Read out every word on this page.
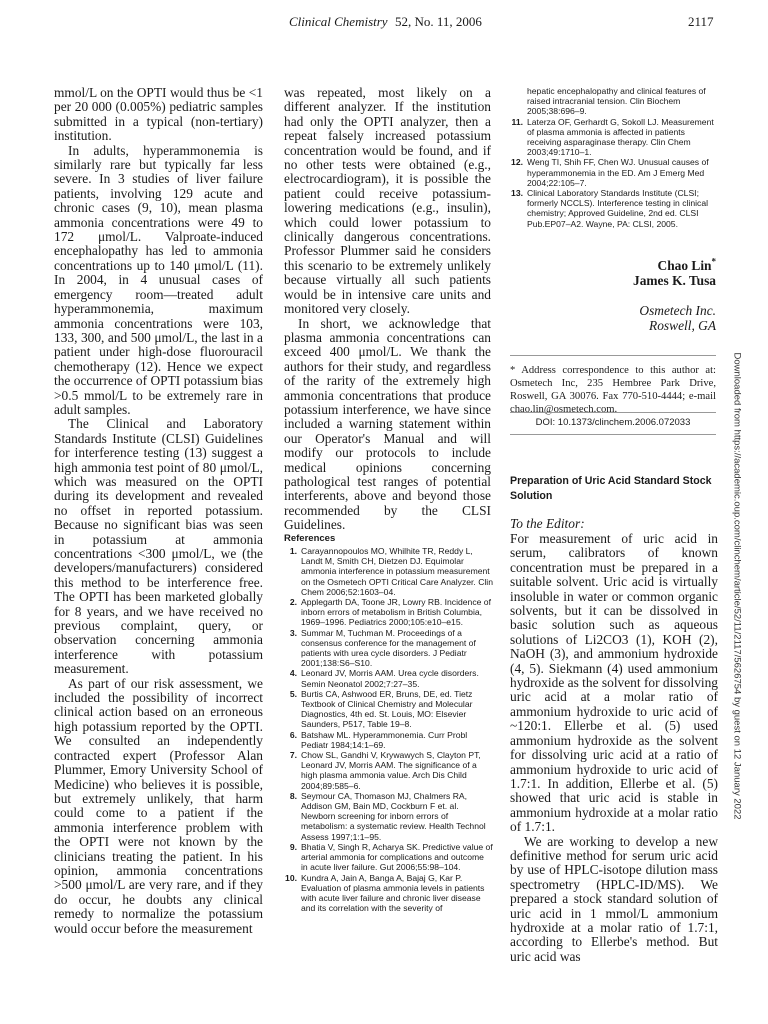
Clinical Chemistry 52, No. 11, 2006	2117

mmol/L on the OPTI would thus be <1 per 20 000 (0.005%) pediatric samples submitted in a typical (non-tertiary) institution.

In adults, hyperammonemia is similarly rare but typically far less severe. In 3 studies of liver failure patients, involving 129 acute and chronic cases (9, 10), mean plasma ammonia concentrations were 49 to 172 μmol/L. Valproate-induced encephalopathy has led to ammonia concentrations up to 140 μmol/L (11). In 2004, in 4 unusual cases of emergency room—treated adult hyperammonemia, maximum ammonia concentrations were 103, 133, 300, and 500 μmol/L, the last in a patient under high-dose fluorouracil chemotherapy (12). Hence we expect the occurrence of OPTI potassium bias >0.5 mmol/L to be extremely rare in adult samples.

The Clinical and Laboratory Standards Institute (CLSI) Guidelines for interference testing (13) suggest a high ammonia test point of 80 μmol/L, which was measured on the OPTI during its development and revealed no offset in reported potassium. Because no significant bias was seen in potassium at ammonia concentrations <300 μmol/L, we (the developers/manufacturers) considered this method to be interference free. The OPTI has been marketed globally for 8 years, and we have received no previous complaint, query, or observation concerning ammonia interference with potassium measurement.

As part of our risk assessment, we included the possibility of incorrect clinical action based on an erroneous high potassium reported by the OPTI. We consulted an independently contracted expert (Professor Alan Plummer, Emory University School of Medicine) who believes it is possible, but extremely unlikely, that harm could come to a patient if the ammonia interference problem with the OPTI were not known by the clinicians treating the patient. In his opinion, ammonia concentrations >500 μmol/L are very rare, and if they do occur, he doubts any clinical remedy to normalize the potassium would occur before the measurement

was repeated, most likely on a different analyzer. If the institution had only the OPTI analyzer, then a repeat falsely increased potassium concentration would be found, and if no other tests were obtained (e.g., electrocardiogram), it is possible the patient could receive potassium-lowering medications (e.g., insulin), which could lower potassium to clinically dangerous concentrations. Professor Plummer said he considers this scenario to be extremely unlikely because virtually all such patients would be in intensive care units and monitored very closely.

In short, we acknowledge that plasma ammonia concentrations can exceed 400 μmol/L. We thank the authors for their study, and regardless of the rarity of the extremely high ammonia concentrations that produce potassium interference, we have since included a warning statement within our Operator's Manual and will modify our protocols to include medical opinions concerning pathological test ranges of potential interferents, above and beyond those recommended by the CLSI Guidelines.

References
1. Carayannopoulos MO, Whilhite TR, Reddy L, Landt M, Smith CH, Dietzen DJ. Equimolar ammonia interference in potassium measurement on the Osmetech OPTI Critical Care Analyzer. Clin Chem 2006;52:1603–04.
2. Applegarth DA, Toone JR, Lowry RB. Incidence of inborn errors of metabolism in British Columbia, 1969–1996. Pediatrics 2000;105:e10–e15.
3. Summar M, Tuchman M. Proceedings of a consensus conference for the management of patients with urea cycle disorders. J Pediatr 2001;138:S6–S10.
4. Leonard JV, Morris AAM. Urea cycle disorders. Semin Neonatol 2002;7:27–35.
5. Burtis CA, Ashwood ER, Bruns, DE, ed. Tietz Textbook of Clinical Chemistry and Molecular Diagnostics, 4th ed. St. Louis, MO: Elsevier Saunders, P517, Table 19–8.
6. Batshaw ML. Hyperammonemia. Curr Probl Pediatr 1984;14:1–69.
7. Chow SL, Gandhi V, Krywawych S, Clayton PT, Leonard JV, Morris AAM. The significance of a high plasma ammonia value. Arch Dis Child 2004;89:585–6.
8. Seymour CA, Thomason MJ, Chalmers RA, Addison GM, Bain MD, Cockburn F et. al. Newborn screening for inborn errors of metabolism: a systematic review. Health Technol Assess 1997;1:1–95.
9. Bhatia V, Singh R, Acharya SK. Predictive value of arterial ammonia for complications and outcome in acute liver failure. Gut 2006;55:98–104.
10. Kundra A, Jain A, Banga A, Bajaj G, Kar P. Evaluation of plasma ammonia levels in patients with acute liver failure and chronic liver disease and its correlation with the severity of
hepatic encephalopathy and clinical features of raised intracranial tension. Clin Biochem 2005;38:696–9.
11. Laterza OF, Gerhardt G, Sokoll LJ. Measurement of plasma ammonia is affected in patients receiving asparaginase therapy. Clin Chem 2003;49:1710–1.
12. Weng TI, Shih FF, Chen WJ. Unusual causes of hyperammonemia in the ED. Am J Emerg Med 2004;22:105–7.
13. Clinical Laboratory Standards Institute (CLSI; formerly NCCLS). Interference testing in clinical chemistry; Approved Guideline, 2nd ed. CLSI Pub.EP07–A2. Wayne, PA: CLSI, 2005.
Chao Lin*
James K. Tusa
Osmetech Inc.
Roswell, GA
* Address correspondence to this author at: Osmetech Inc, 235 Hembree Park Drive, Roswell, GA 30076. Fax 770-510-4444; e-mail chao.lin@osmetech.com.
DOI: 10.1373/clinchem.2006.072033
Preparation of Uric Acid Standard Stock Solution
To the Editor:

For measurement of uric acid in serum, calibrators of known concentration must be prepared in a suitable solvent. Uric acid is virtually insoluble in water or common organic solvents, but it can be dissolved in basic solution such as aqueous solutions of Li2CO3 (1), KOH (2), NaOH (3), and ammonium hydroxide (4, 5). Siekmann (4) used ammonium hydroxide as the solvent for dissolving uric acid at a molar ratio of ammonium hydroxide to uric acid of ~120:1. Ellerbe et al. (5) used ammonium hydroxide as the solvent for dissolving uric acid at a ratio of ammonium hydroxide to uric acid of 1.7:1. In addition, Ellerbe et al. (5) showed that uric acid is stable in ammonium hydroxide at a molar ratio of 1.7:1.

We are working to develop a new definitive method for serum uric acid by use of HPLC-isotope dilution mass spectrometry (HPLC-ID/MS). We prepared a stock standard solution of uric acid in 1 mmol/L ammonium hydroxide at a molar ratio of 1.7:1, according to Ellerbe's method. But uric acid was

Downloaded from https://academic.oup.com/clinchem/article/52/11/2117/5626754 by guest on 12 January 2022
